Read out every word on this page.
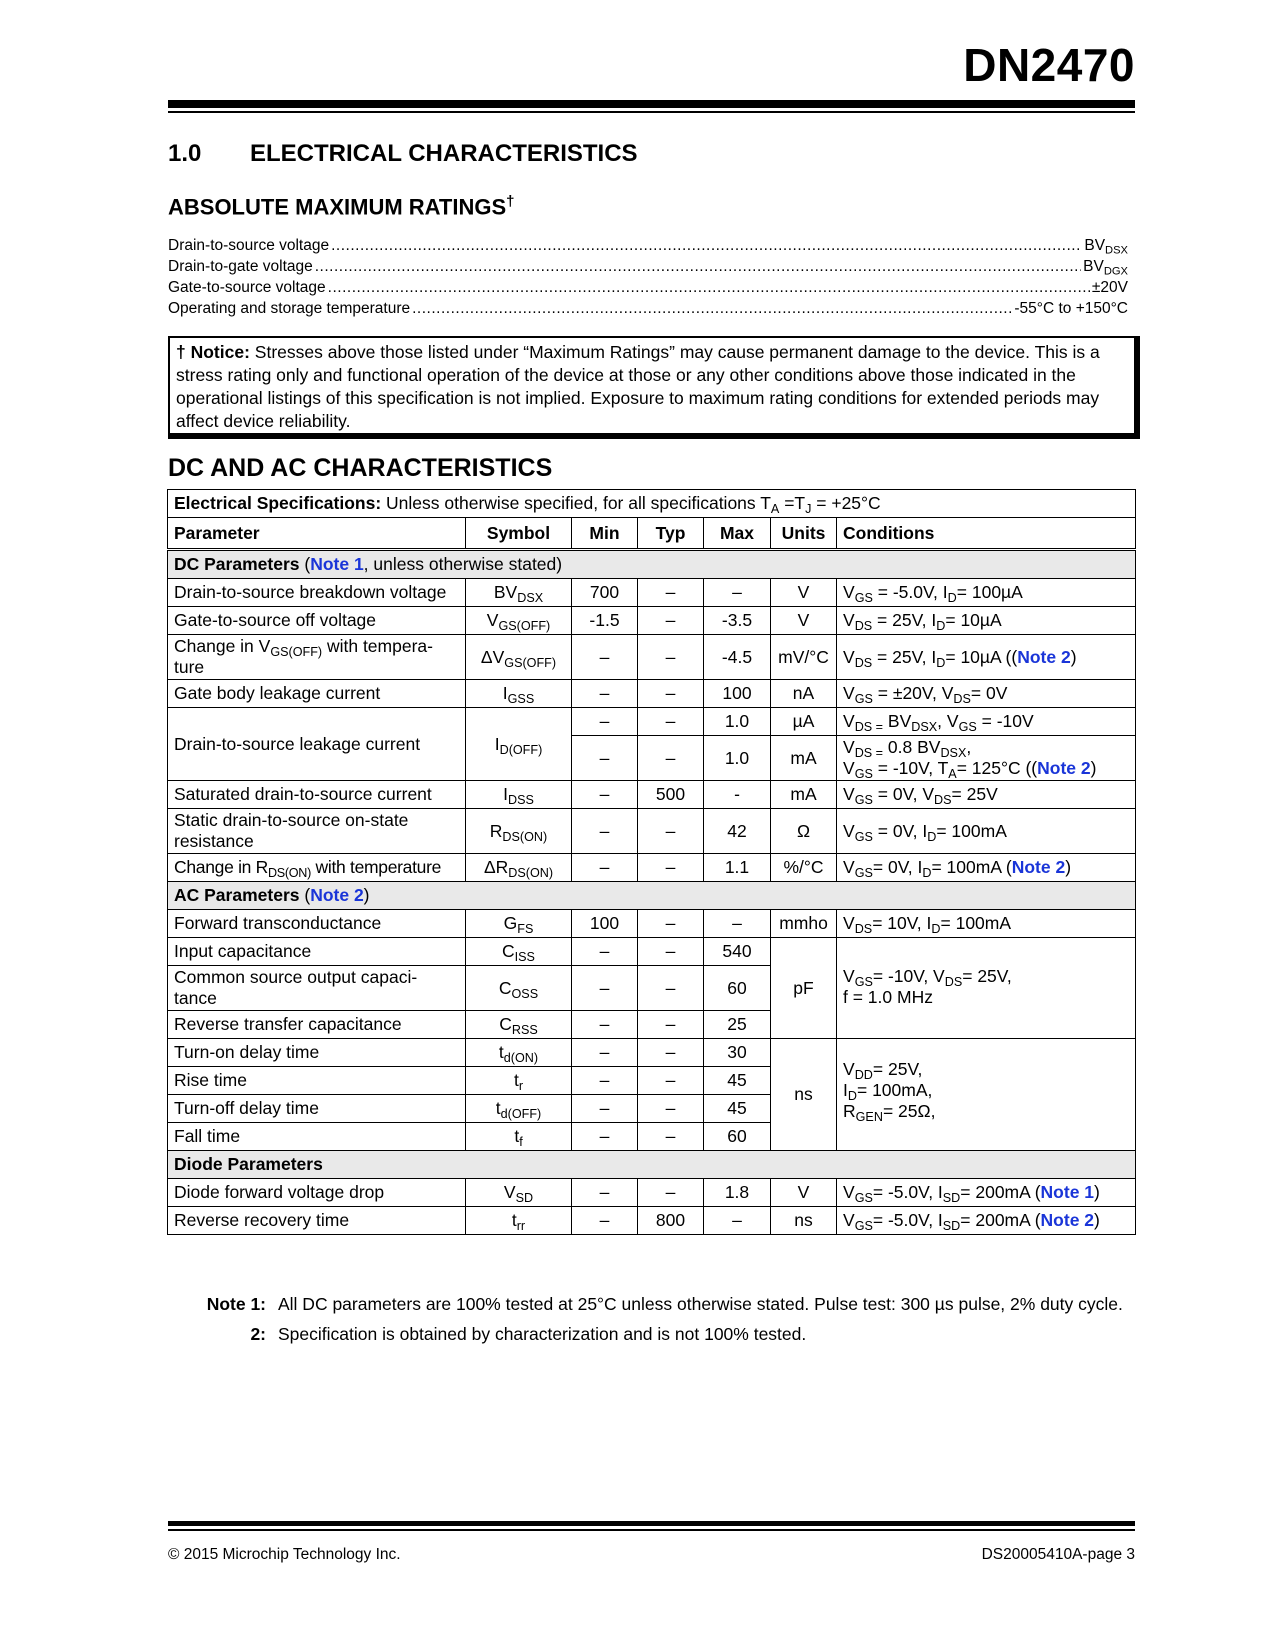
DN2470
1.0 ELECTRICAL CHARACTERISTICS
ABSOLUTE MAXIMUM RATINGS†
Drain-to-source voltage .....	$BV_{DSX}$
Drain-to-gate voltage .....	$BV_{DGX}$
Gate-to-source voltage .....	±20V
Operating and storage temperature .....	-55°C to +150°C
† Notice: Stresses above those listed under “Maximum Ratings” may cause permanent damage to the device. This is a stress rating only and functional operation of the device at those or any other conditions above those indicated in the operational listings of this specification is not implied. Exposure to maximum rating conditions for extended periods may affect device reliability.
DC AND AC CHARACTERISTICS
Electrical Specifications: Unless otherwise specified, for all specifications $T_A =T_J = +25^\circ C$						
Parameter	Symbol	Min	Typ	Max	Units	Conditions
DC Parameters (Note 1, unless otherwise stated)						
Drain-to-source breakdown voltage	$BV_{DSX}$	700	–	–	V	$V_{GS} = -5.0V$, $I_D= 100\mu A$
Gate-to-source off voltage	$V_{GS(OFF)}$	-1.5	–	-3.5	V	$V_{DS} = 25V$, $I_D= 10\mu A$
Change in $V_{GS(OFF)}$ with tempera-ture	$\Delta V_{GS(OFF)}$	–	–	-4.5	mV/°C	$V_{DS} = 25V$, $I_D= 10\mu A$ ((Note 2)
Gate body leakage current	$I_{GSS}$	–	–	100	nA	$V_{GS} = \pm 20V$, $V_{DS}= 0V$
Drain-to-source leakage current	$I_{D(OFF)}$	–	–	1.0	µA	$V_{DS =}$ $BV_{DSX}$, $V_{GS} = -10V$
		–	–	1.0	mA	$V_{DS =}$ 0.8 $BV_{DSX}$,
$V_{GS} = -10V$, $T_A= 125^\circ C$ ((Note 2)
Saturated drain-to-source current	$I_{DSS}$	–	500	-	mA	$V_{GS} = 0V$, $V_{DS}= 25V$
Static drain-to-source on-state resistance	$R_{DS(ON)}$	–	–	42	Ω	$V_{GS} = 0V$, $I_D= 100mA$
Change in $R_{DS(ON)}$ with temperature	$\Delta R_{DS(ON)}$	–	–	1.1	%/°C	$V_{GS}= 0V$, $I_D= 100mA$ (Note 2)
AC Parameters (Note 2)						
Forward transconductance	$G_{FS}$	100	–	–	mmho	$V_{DS}= 10V$, $I_D= 100mA$
Input capacitance	$C_{ISS}$	–	–	540	pF	$V_{GS}= -10V$, $V_{DS}= 25V$,
f = 1.0 MHz
Common source output capaci-tance	$C_{OSS}$	–	–	60		
Reverse transfer capacitance	$C_{RSS}$	–	–	25		
Turn-on delay time	$t_{d(ON)}$	–	–	30	ns	$V_{DD}= 25V$,
$I_D= 100mA$,
$R_{GEN}= 25\Omega$,
Rise time	$t_r$	–	–	45		
Turn-off delay time	$t_{d(OFF)}$	–	–	45		
Fall time	$t_f$	–	–	60		
Diode Parameters						
Diode forward voltage drop	$V_{SD}$	–	–	1.8	V	$V_{GS}= -5.0V$, $I_{SD}= 200mA$ (Note 1)
Reverse recovery time	$t_{rr}$	–	800	–	ns	$V_{GS}= -5.0V$, $I_{SD}= 200mA$ (Note 2)
Note 1: All DC parameters are 100% tested at 25°C unless otherwise stated. Pulse test: 300 µs pulse, 2% duty cycle.
2: Specification is obtained by characterization and is not 100% tested.
© 2015 Microchip Technology Inc.	DS20005410A-page 3
